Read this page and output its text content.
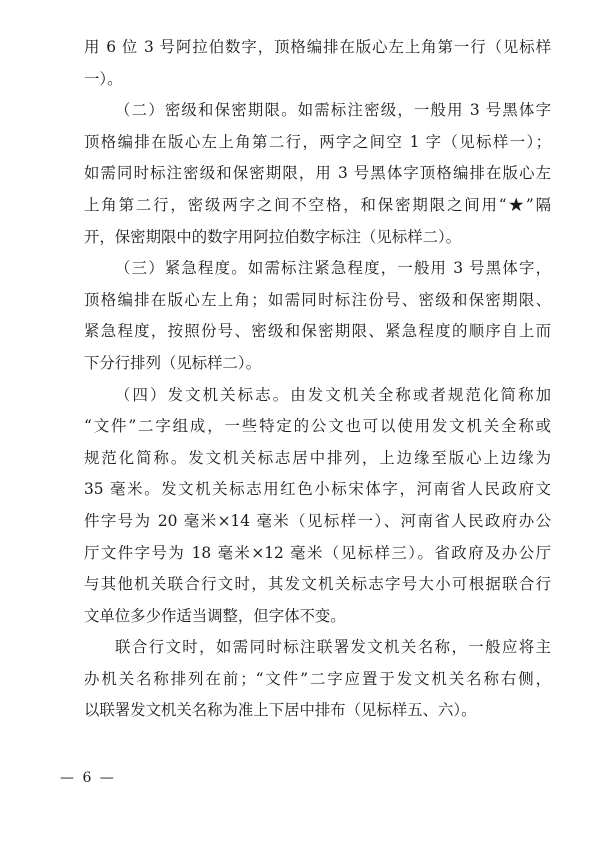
用 6 位 3 号阿拉伯数字，顶格编排在版心左上角第一行（见标样
一）。
（二）密级和保密期限。如需标注密级，一般用 3 号黑体字
顶格编排在版心左上角第二行，两字之间空 1 字（见标样一）；
如需同时标注密级和保密期限，用 3 号黑体字顶格编排在版心左
上角第二行，密级两字之间不空格，和保密期限之间用“★”隔
开，保密期限中的数字用阿拉伯数字标注（见标样二）。
（三）紧急程度。如需标注紧急程度，一般用 3 号黑体字，
顶格编排在版心左上角；如需同时标注份号、密级和保密期限、
紧急程度，按照份号、密级和保密期限、紧急程度的顺序自上而
下分行排列（见标样二）。
（四）发文机关标志。由发文机关全称或者规范化简称加
“文件”二字组成，一些特定的公文也可以使用发文机关全称或
规范化简称。发文机关标志居中排列，上边缘至版心上边缘为
35 毫米。发文机关标志用红色小标宋体字，河南省人民政府文
件字号为 20 毫米×14 毫米（见标样一）、河南省人民政府办公
厅文件字号为 18 毫米×12 毫米（见标样三）。省政府及办公厅
与其他机关联合行文时，其发文机关标志字号大小可根据联合行
文单位多少作适当调整，但字体不变。
联合行文时，如需同时标注联署发文机关名称，一般应将主
办机关名称排列在前；“文件”二字应置于发文机关名称右侧，
以联署发文机关名称为准上下居中排布（见标样五、六）。
— 6 —
